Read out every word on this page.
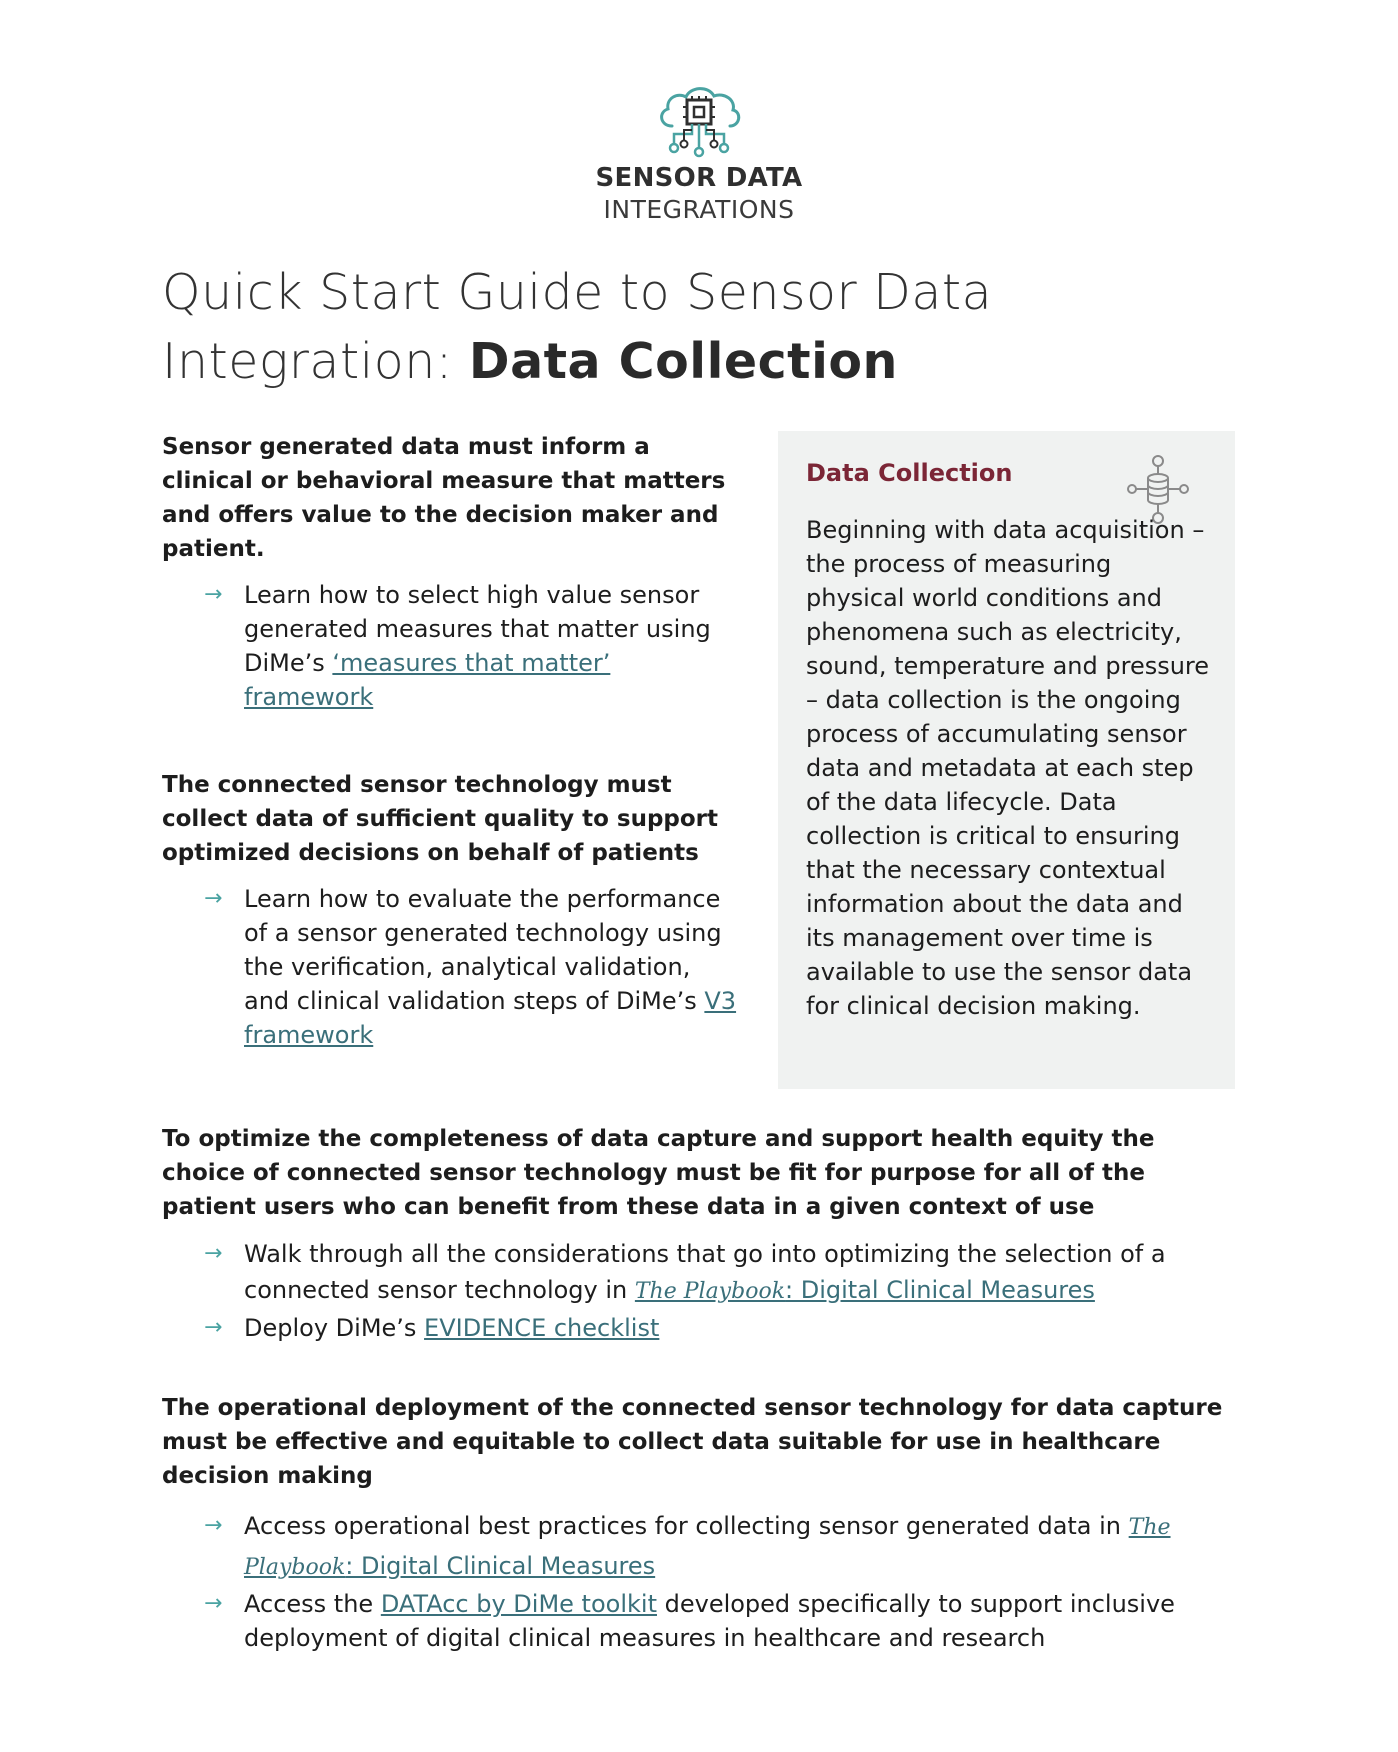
SENSOR DATA
INTEGRATIONS
Quick Start Guide to Sensor Data Integration: Data Collection

Sensor generated data must inform a clinical or behavioral measure that matters and offers value to the decision maker and patient.

→ Learn how to select high value sensor generated measures that matter using DiMe’s ‘measures that matter’ framework

The connected sensor technology must collect data of sufficient quality to support optimized decisions on behalf of patients

→ Learn how to evaluate the performance of a sensor generated technology using the verification, analytical validation, and clinical validation steps of DiMe’s V3 framework
Data Collection
Beginning with data acquisition – the process of measuring physical world conditions and phenomena such as electricity, sound, temperature and pressure – data collection is the ongoing process of accumulating sensor data and metadata at each step of the data lifecycle. Data collection is critical to ensuring that the necessary contextual information about the data and its management over time is available to use the sensor data for clinical decision making.

To optimize the completeness of data capture and support health equity the choice of connected sensor technology must be fit for purpose for all of the patient users who can benefit from these data in a given context of use

→ Walk through all the considerations that go into optimizing the selection of a connected sensor technology in The Playbook: Digital Clinical Measures
→ Deploy DiMe’s EVIDENCE checklist

The operational deployment of the connected sensor technology for data capture must be effective and equitable to collect data suitable for use in healthcare decision making

→ Access operational best practices for collecting sensor generated data in The Playbook: Digital Clinical Measures
→ Access the DATAcc by DiMe toolkit developed specifically to support inclusive deployment of digital clinical measures in healthcare and research
